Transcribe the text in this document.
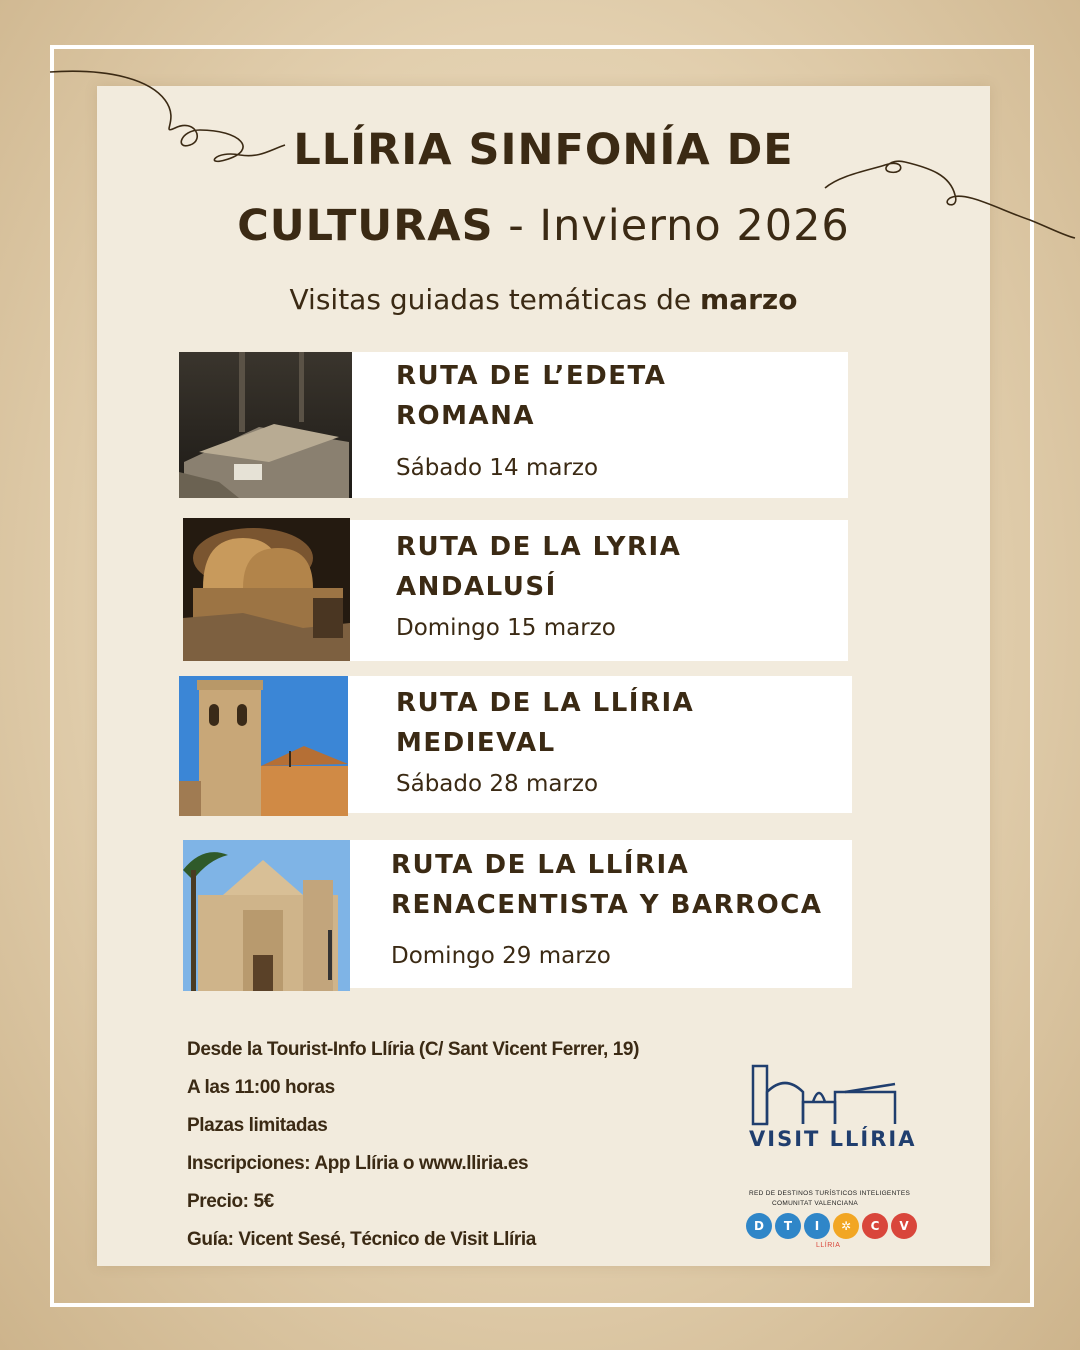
LLÍRIA SINFONÍA DE
CULTURAS - Invierno 2026
Visitas guiadas temáticas de marzo
RUTA DE L’EDETA
ROMANA
Sábado 14 marzo
RUTA DE LA LYRIA
ANDALUSÍ
Domingo 15 marzo
RUTA DE LA LLÍRIA
MEDIEVAL
Sábado 28 marzo
RUTA DE LA LLÍRIA
RENACENTISTA Y BARROCA
Domingo 29 marzo
Desde la Tourist-Info Llíria (C/ Sant Vicent Ferrer, 19)
A las 11:00 horas
Plazas limitadas
Inscripciones: App Llíria o www.lliria.es
Precio: 5€
Guía: Vicent Sesé, Técnico de Visit Llíria
VISIT LLÍRIA
RED DE DESTINOS TURÍSTICOS INTELIGENTES
COMUNITAT VALENCIANA
D	T	I	✲	C	V
LLÍRIA
